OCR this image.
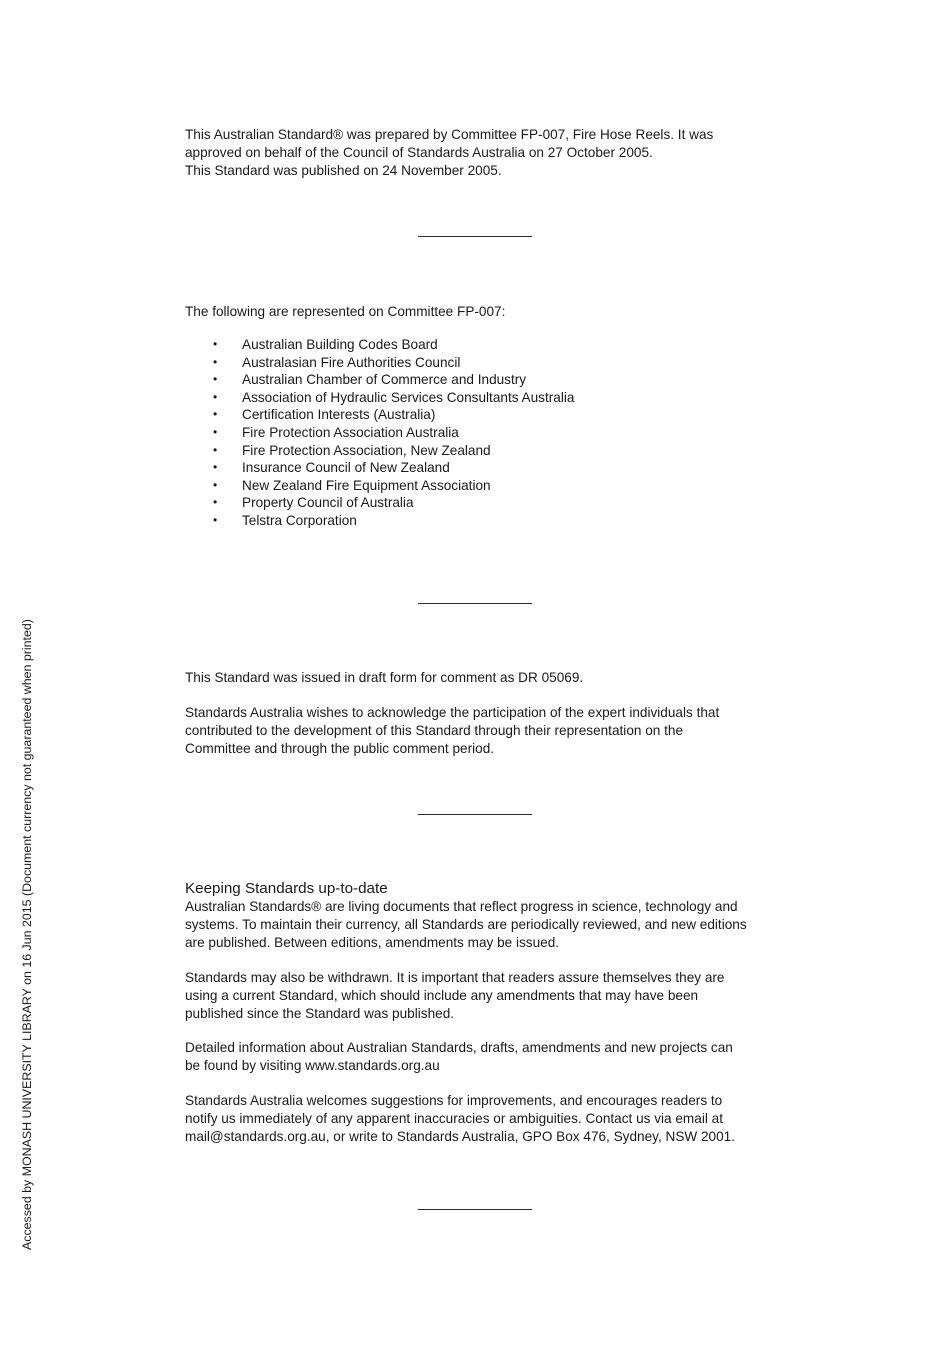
This Australian Standard® was prepared by Committee FP-007, Fire Hose Reels. It was
approved on behalf of the Council of Standards Australia on 27 October 2005.
This Standard was published on 24 November 2005.

The following are represented on Committee FP-007:

• Australian Building Codes Board
• Australasian Fire Authorities Council
• Australian Chamber of Commerce and Industry
• Association of Hydraulic Services Consultants Australia
• Certification Interests (Australia)
• Fire Protection Association Australia
• Fire Protection Association, New Zealand
• Insurance Council of New Zealand
• New Zealand Fire Equipment Association
• Property Council of Australia
• Telstra Corporation

This Standard was issued in draft form for comment as DR 05069.

Standards Australia wishes to acknowledge the participation of the expert individuals that
contributed to the development of this Standard through their representation on the
Committee and through the public comment period.

Keeping Standards up-to-date

Australian Standards® are living documents that reflect progress in science, technology and
systems. To maintain their currency, all Standards are periodically reviewed, and new editions
are published. Between editions, amendments may be issued.

Standards may also be withdrawn. It is important that readers assure themselves they are
using a current Standard, which should include any amendments that may have been
published since the Standard was published.

Detailed information about Australian Standards, drafts, amendments and new projects can
be found by visiting www.standards.org.au

Standards Australia welcomes suggestions for improvements, and encourages readers to
notify us immediately of any apparent inaccuracies or ambiguities. Contact us via email at
mail@standards.org.au, or write to Standards Australia, GPO Box 476, Sydney, NSW 2001.

Accessed by MONASH UNIVERSITY LIBRARY on 16 Jun 2015 (Document currency not guaranteed when printed)
